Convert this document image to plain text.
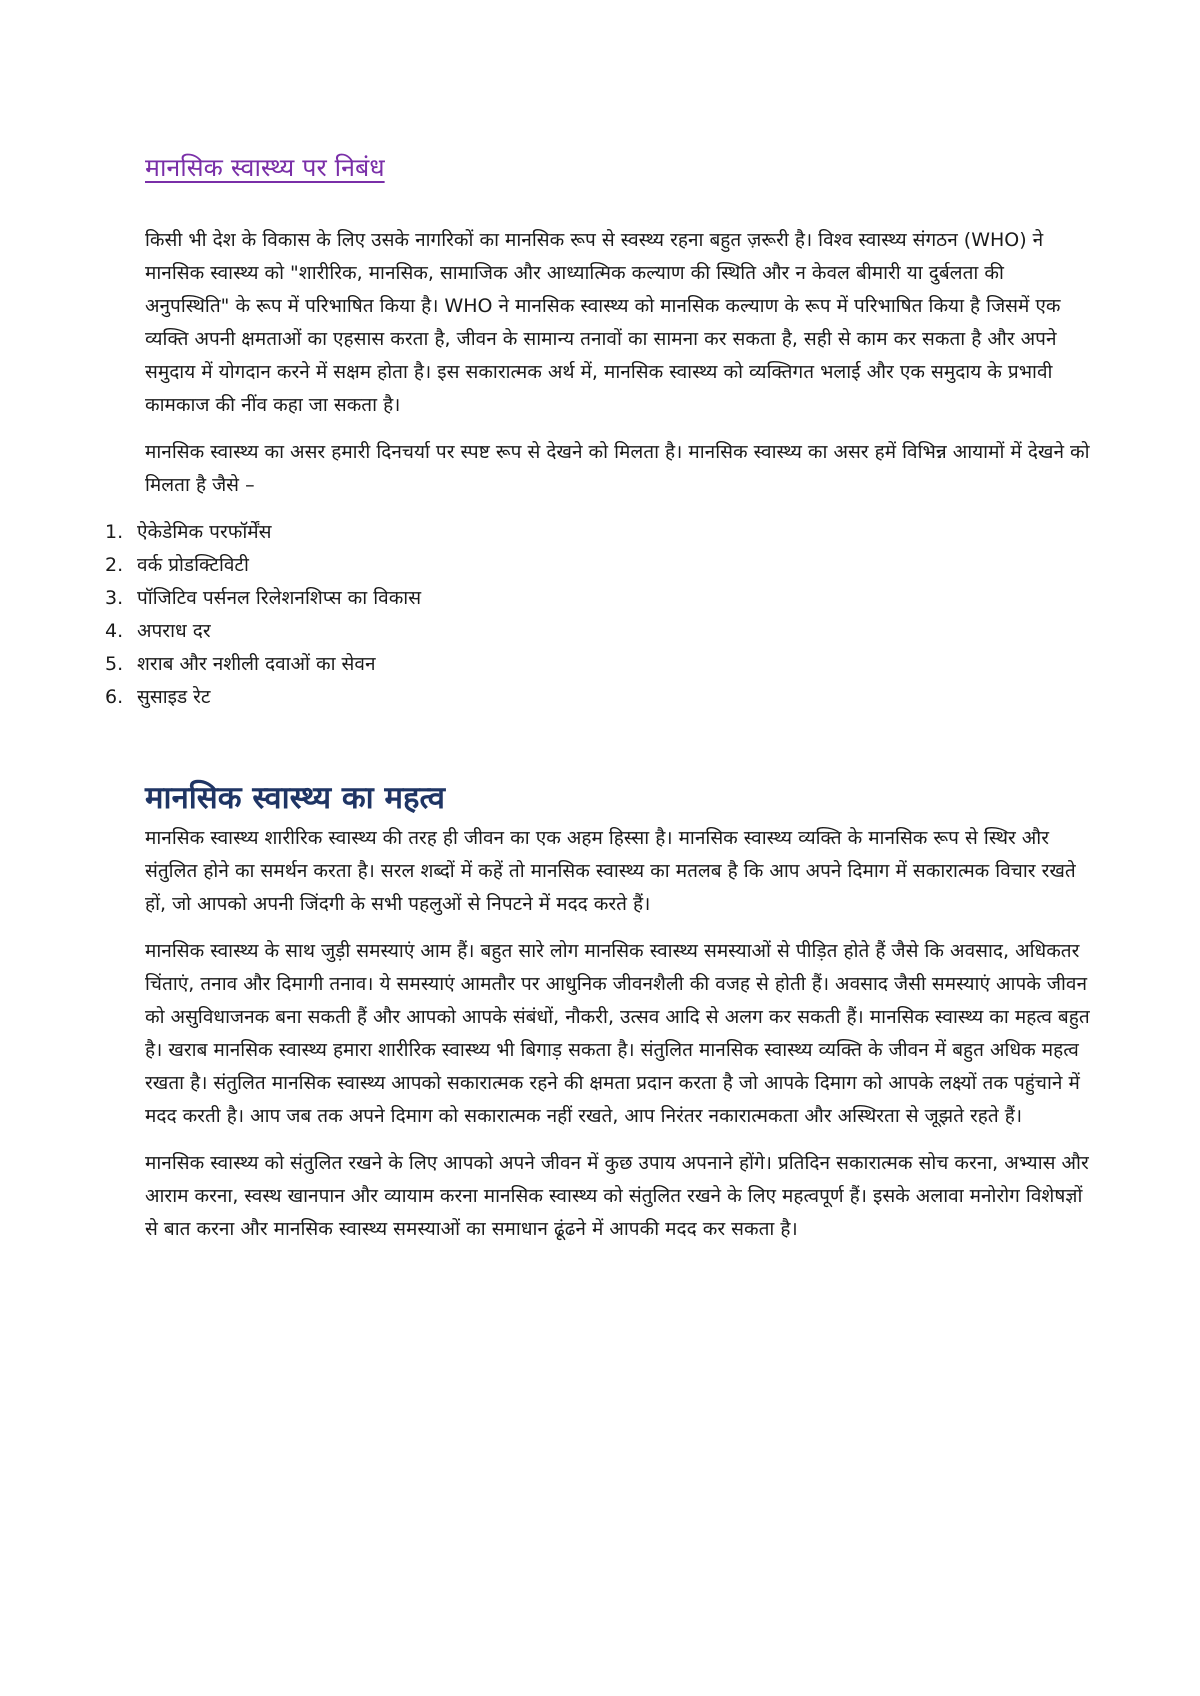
मानसिक स्वास्थ्य पर निबंध

किसी भी देश के विकास के लिए उसके नागरिकों का मानसिक रूप से स्वस्थ्य रहना बहुत ज़रूरी है। विश्व स्वास्थ्य संगठन (WHO) ने मानसिक स्वास्थ्य को "शारीरिक, मानसिक, सामाजिक और आध्यात्मिक कल्याण की स्थिति और न केवल बीमारी या दुर्बलता की अनुपस्थिति" के रूप में परिभाषित किया है। WHO ने मानसिक स्वास्थ्य को मानसिक कल्याण के रूप में परिभाषित किया है जिसमें एक व्यक्ति अपनी क्षमताओं का एहसास करता है, जीवन के सामान्य तनावों का सामना कर सकता है, सही से काम कर सकता है और अपने समुदाय में योगदान करने में सक्षम होता है। इस सकारात्मक अर्थ में, मानसिक स्वास्थ्य को व्यक्तिगत भलाई और एक समुदाय के प्रभावी कामकाज की नींव कहा जा सकता है।

मानसिक स्वास्थ्य का असर हमारी दिनचर्या पर स्पष्ट रूप से देखने को मिलता है। मानसिक स्वास्थ्य का असर हमें विभिन्न आयामों में देखने को मिलता है जैसे –

1. ऐकेडेमिक परफॉर्मेंस
2. वर्क प्रोडक्टिविटी
3. पॉजिटिव पर्सनल रिलेशनशिप्स का विकास
4. अपराध दर
5. शराब और नशीली दवाओं का सेवन
6. सुसाइड रेट
मानसिक स्वास्थ्य का महत्व

मानसिक स्वास्थ्य शारीरिक स्वास्थ्य की तरह ही जीवन का एक अहम हिस्सा है। मानसिक स्वास्थ्य व्यक्ति के मानसिक रूप से स्थिर और संतुलित होने का समर्थन करता है। सरल शब्दों में कहें तो मानसिक स्वास्थ्य का मतलब है कि आप अपने दिमाग में सकारात्मक विचार रखते हों, जो आपको अपनी जिंदगी के सभी पहलुओं से निपटने में मदद करते हैं।

मानसिक स्वास्थ्य के साथ जुड़ी समस्याएं आम हैं। बहुत सारे लोग मानसिक स्वास्थ्य समस्याओं से पीड़ित होते हैं जैसे कि अवसाद, अधिकतर चिंताएं, तनाव और दिमागी तनाव। ये समस्याएं आमतौर पर आधुनिक जीवनशैली की वजह से होती हैं। अवसाद जैसी समस्याएं आपके जीवन को असुविधाजनक बना सकती हैं और आपको आपके संबंधों, नौकरी, उत्सव आदि से अलग कर सकती हैं। मानसिक स्वास्थ्य का महत्व बहुत है। खराब मानसिक स्वास्थ्य हमारा शारीरिक स्वास्थ्य भी बिगाड़ सकता है। संतुलित मानसिक स्वास्थ्य व्यक्ति के जीवन में बहुत अधिक महत्व रखता है। संतुलित मानसिक स्वास्थ्य आपको सकारात्मक रहने की क्षमता प्रदान करता है जो आपके दिमाग को आपके लक्ष्यों तक पहुंचाने में मदद करती है। आप जब तक अपने दिमाग को सकारात्मक नहीं रखते, आप निरंतर नकारात्मकता और अस्थिरता से जूझते रहते हैं।

मानसिक स्वास्थ्य को संतुलित रखने के लिए आपको अपने जीवन में कुछ उपाय अपनाने होंगे। प्रतिदिन सकारात्मक सोच करना, अभ्यास और आराम करना, स्वस्थ खानपान और व्यायाम करना मानसिक स्वास्थ्य को संतुलित रखने के लिए महत्वपूर्ण हैं। इसके अलावा मनोरोग विशेषज्ञों से बात करना और मानसिक स्वास्थ्य समस्याओं का समाधान ढूंढने में आपकी मदद कर सकता है।
